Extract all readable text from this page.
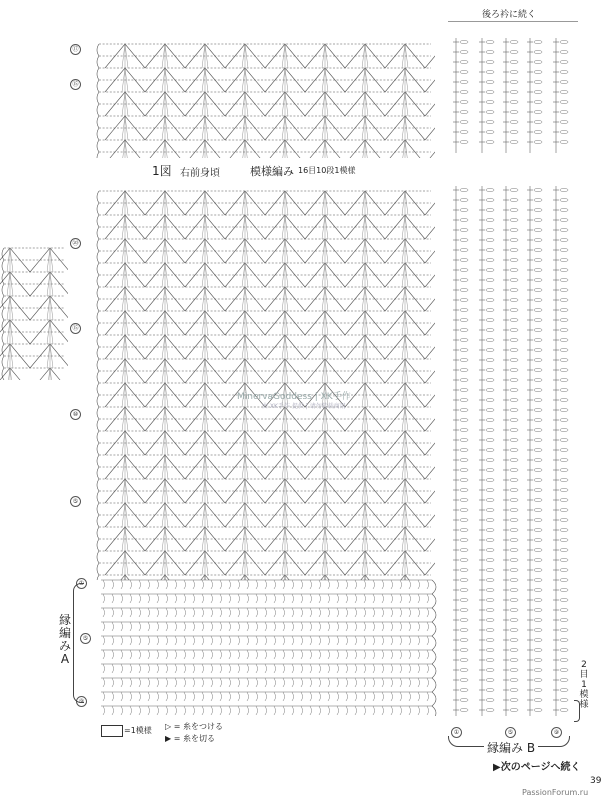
後ろ衿に続く
⑰
⑮
1図 右前身頃	模様編み 16目10段1模様
⑳
⑮
⑩
⑤
MinervaGoddess | XK手作
由 XK手作 提供 | 请勿转载商用
①
⑤
⑨
縁
編
み
A
①	⑤	⑨
縁編み B
2
目
1
模
様
=1模様 ▷ = 糸をつける
▶ = 糸を切る
▶次のページへ続く
39
PassionForum.ru
